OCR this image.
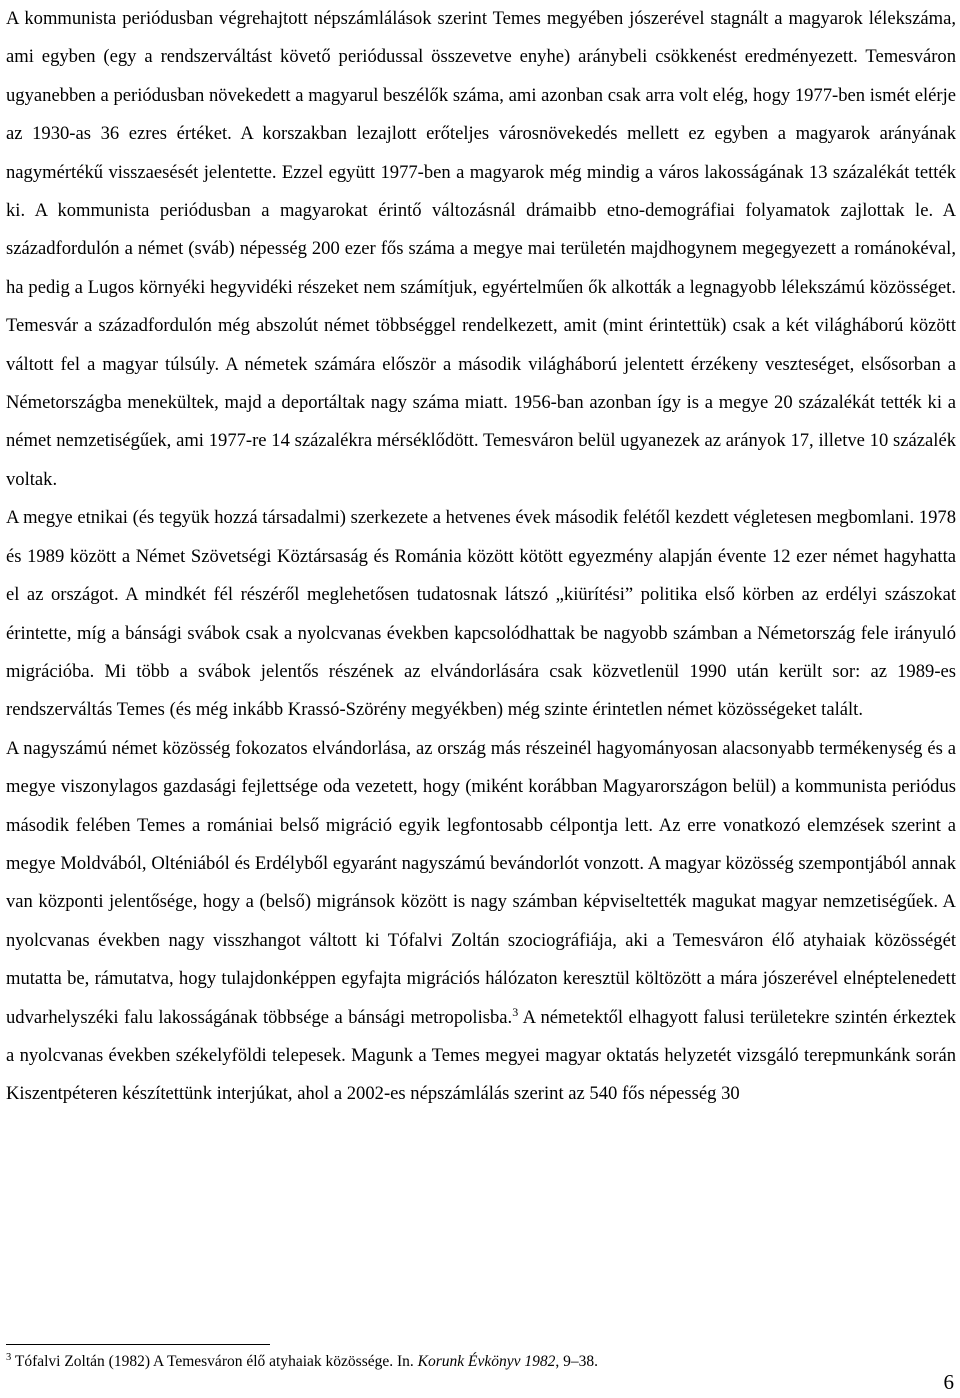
A kommunista periódusban végrehajtott népszámlálások szerint Temes megyében jószerével stagnált a magyarok lélekszáma, ami egyben (egy a rendszerváltást követő periódussal összevetve enyhe) aránybeli csökkenést eredményezett. Temesváron ugyanebben a periódusban növekedett a magyarul beszélők száma, ami azonban csak arra volt elég, hogy 1977-ben ismét elérje az 1930-as 36 ezres értéket. A korszakban lezajlott erőteljes városnövekedés mellett ez egyben a magyarok arányának nagymértékű visszaesését jelentette. Ezzel együtt 1977-ben a magyarok még mindig a város lakosságának 13 százalékát tették ki. A kommunista periódusban a magyarokat érintő változásnál drámaibb etno-demográfiai folyamatok zajlottak le. A századfordulón a német (sváb) népesség 200 ezer fős száma a megye mai területén majdhogynem megegyezett a románokéval, ha pedig a Lugos környéki hegyvidéki részeket nem számítjuk, egyértelműen ők alkották a legnagyobb lélekszámú közösséget. Temesvár a századfordulón még abszolút német többséggel rendelkezett, amit (mint érintettük) csak a két világháború között váltott fel a magyar túlsúly. A németek számára először a második világháború jelentett érzékeny veszteséget, elsősorban a Németországba menekültek, majd a deportáltak nagy száma miatt. 1956-ban azonban így is a megye 20 százalékát tették ki a német nemzetiségűek, ami 1977-re 14 százalékra mérséklődött. Temesváron belül ugyanezek az arányok 17, illetve 10 százalék voltak.

A megye etnikai (és tegyük hozzá társadalmi) szerkezete a hetvenes évek második felétől kezdett végletesen megbomlani. 1978 és 1989 között a Német Szövetségi Köztársaság és Románia között kötött egyezmény alapján évente 12 ezer német hagyhatta el az országot. A mindkét fél részéről meglehetősen tudatosnak látszó „kiürítési” politika első körben az erdélyi szászokat érintette, míg a bánsági svábok csak a nyolcvanas években kapcsolódhattak be nagyobb számban a Németország fele irányuló migrációba. Mi több a svábok jelentős részének az elvándorlására csak közvetlenül 1990 után került sor: az 1989-es rendszerváltás Temes (és még inkább Krassó-Szörény megyékben) még szinte érintetlen német közösségeket talált.

A nagyszámú német közösség fokozatos elvándorlása, az ország más részeinél hagyományosan alacsonyabb termékenység és a megye viszonylagos gazdasági fejlettsége oda vezetett, hogy (miként korábban Magyarországon belül) a kommunista periódus második felében Temes a romániai belső migráció egyik legfontosabb célpontja lett. Az erre vonatkozó elemzések szerint a megye Moldvából, Olténiából és Erdélyből egyaránt nagyszámú bevándorlót vonzott. A magyar közösség szempontjából annak van központi jelentősége, hogy a (belső) migránsok között is nagy számban képviseltették magukat magyar nemzetiségűek. A nyolcvanas években nagy visszhangot váltott ki Tófalvi Zoltán szociográfiája, aki a Temesváron élő atyhaiak közösségét mutatta be, rámutatva, hogy tulajdonképpen egyfajta migrációs hálózaton keresztül költözött a mára jószerével elnéptelenedett udvarhelyszéki falu lakosságának többsége a bánsági metropolisba.$^3$ A németektől elhagyott falusi területekre szintén érkeztek a nyolcvanas években székelyföldi telepesek. Magunk a Temes megyei magyar oktatás helyzetét vizsgáló terepmunkánk során Kiszentpéteren készítettünk interjúkat, ahol a 2002-es népszámlálás szerint az 540 fős népesség 30

$^3$ Tófalvi Zoltán (1982) A Temesváron élő atyhaiak közössége. In. Korunk Évkönyv 1982, 9–38.
6
